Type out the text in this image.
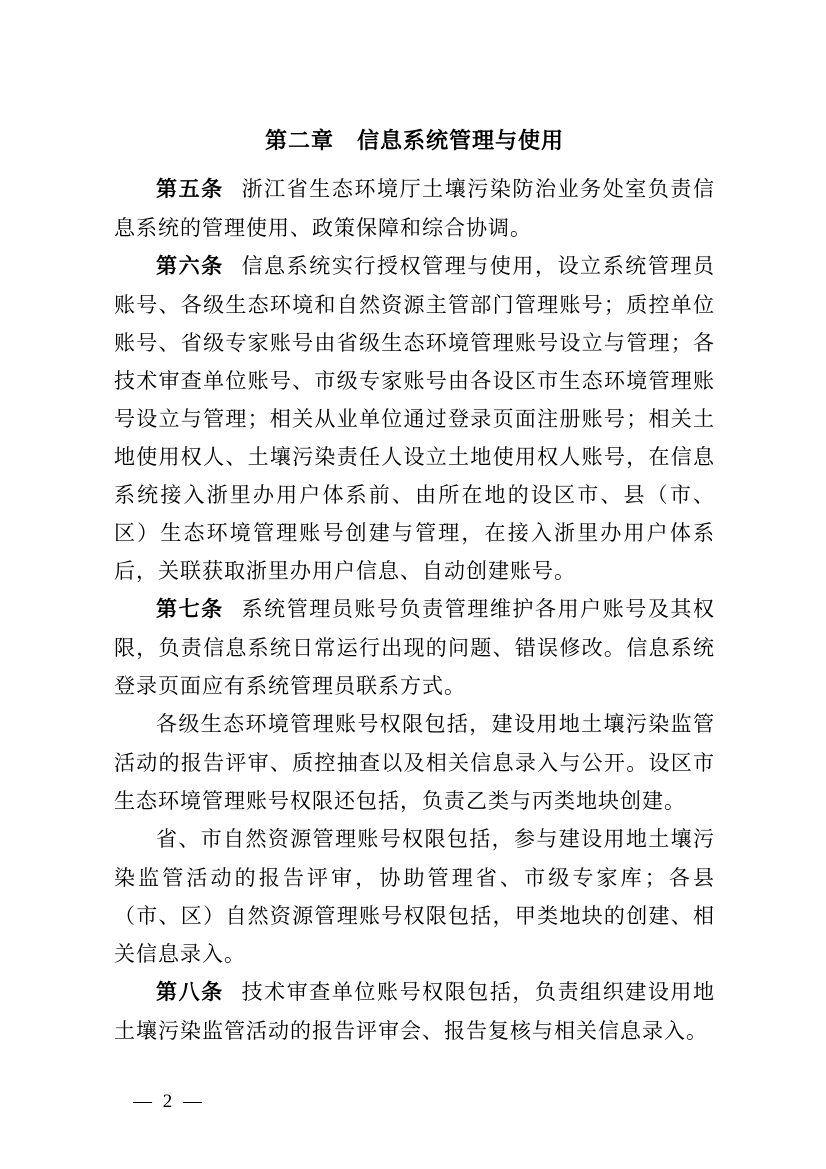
第二章　信息系统管理与使用

第五条 浙江省生态环境厅土壤污染防治业务处室负责信息系统的管理使用、政策保障和综合协调。

第六条 信息系统实行授权管理与使用，设立系统管理员账号、各级生态环境和自然资源主管部门管理账号；质控单位账号、省级专家账号由省级生态环境管理账号设立与管理；各技术审查单位账号、市级专家账号由各设区市生态环境管理账号设立与管理；相关从业单位通过登录页面注册账号；相关土地使用权人、土壤污染责任人设立土地使用权人账号，在信息系统接入浙里办用户体系前、由所在地的设区市、县（市、区）生态环境管理账号创建与管理，在接入浙里办用户体系后，关联获取浙里办用户信息、自动创建账号。

第七条 系统管理员账号负责管理维护各用户账号及其权限，负责信息系统日常运行出现的问题、错误修改。信息系统登录页面应有系统管理员联系方式。

各级生态环境管理账号权限包括，建设用地土壤污染监管活动的报告评审、质控抽查以及相关信息录入与公开。设区市生态环境管理账号权限还包括，负责乙类与丙类地块创建。

省、市自然资源管理账号权限包括，参与建设用地土壤污染监管活动的报告评审，协助管理省、市级专家库；各县（市、区）自然资源管理账号权限包括，甲类地块的创建、相关信息录入。

第八条 技术审查单位账号权限包括，负责组织建设用地土壤污染监管活动的报告评审会、报告复核与相关信息录入。

— 2 —
